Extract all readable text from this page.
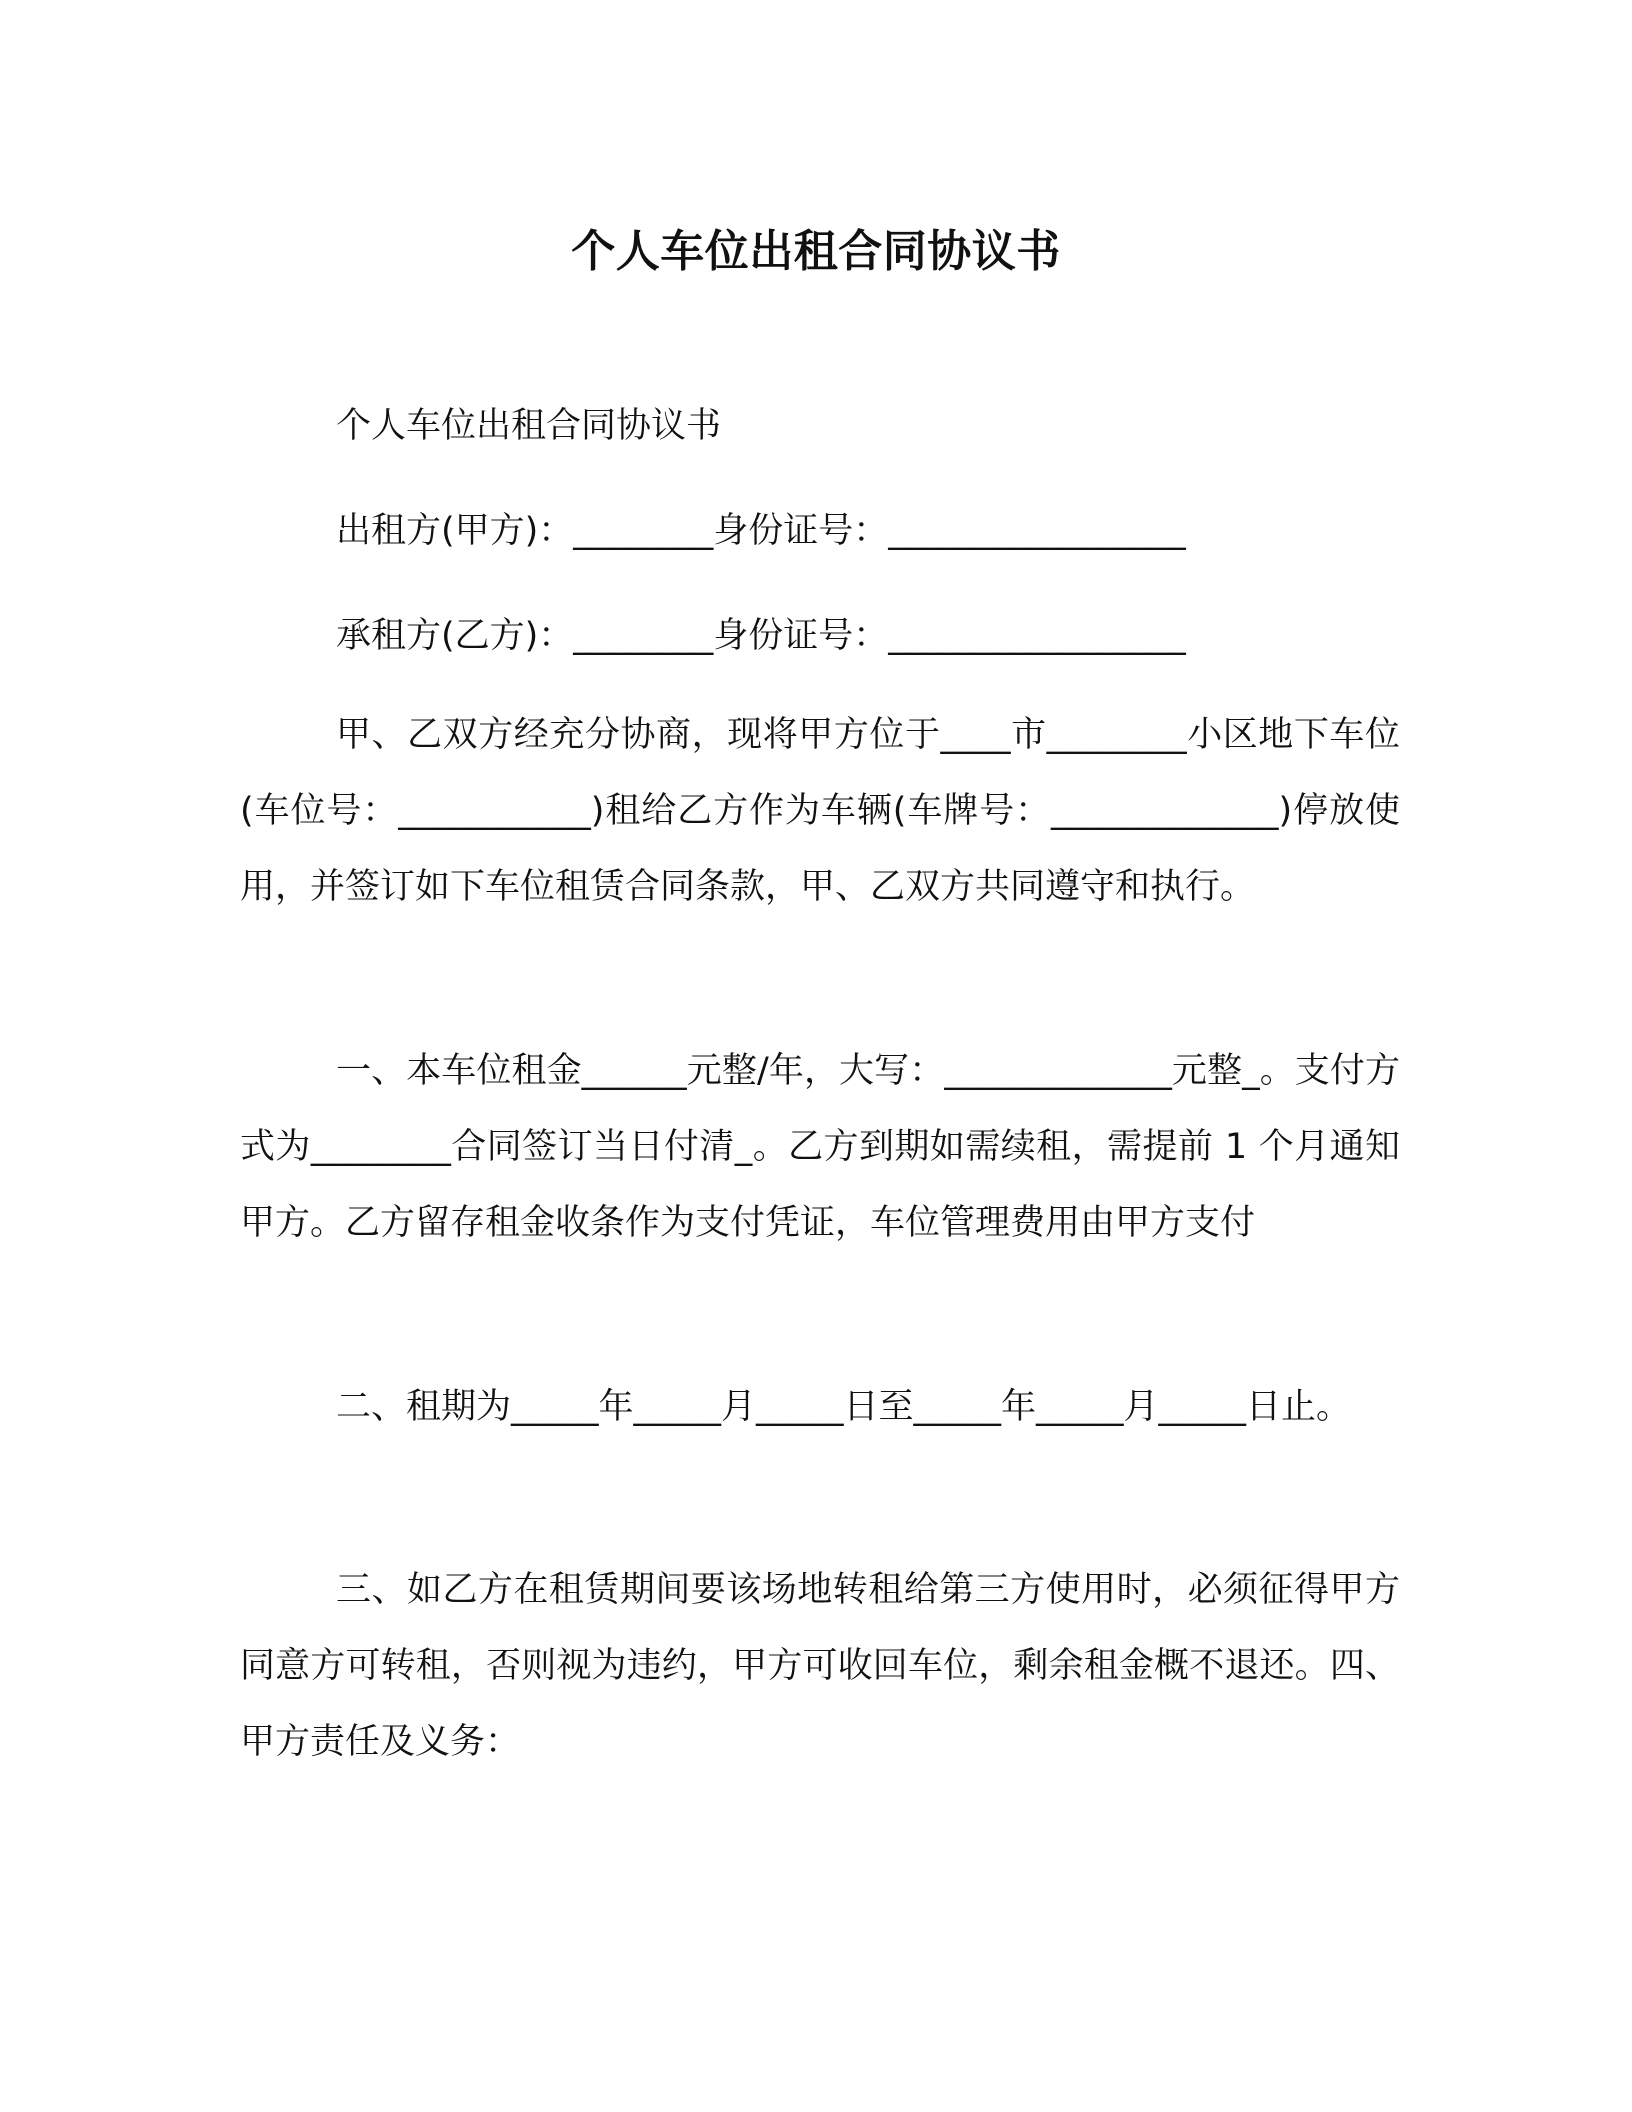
个人车位出租合同协议书

个人车位出租合同协议书

出租方(甲方)：________身份证号：_________________

承租方(乙方)：________身份证号：_________________

甲、乙双方经充分协商，现将甲方位于____市________小区地下车位(车位号：___________)租给乙方作为车辆(车牌号：_____________)停放使用，并签订如下车位租赁合同条款，甲、乙双方共同遵守和执行。

一、本车位租金______元整/年，大写：_____________元整_。支付方式为________合同签订当日付清_。乙方到期如需续租，需提前 1 个月通知甲方。乙方留存租金收条作为支付凭证，车位管理费用由甲方支付

二、租期为_____年_____月_____日至_____年_____月_____日止。

三、如乙方在租赁期间要该场地转租给第三方使用时，必须征得甲方同意方可转租，否则视为违约，甲方可收回车位，剩余租金概不退还。四、甲方责任及义务：
